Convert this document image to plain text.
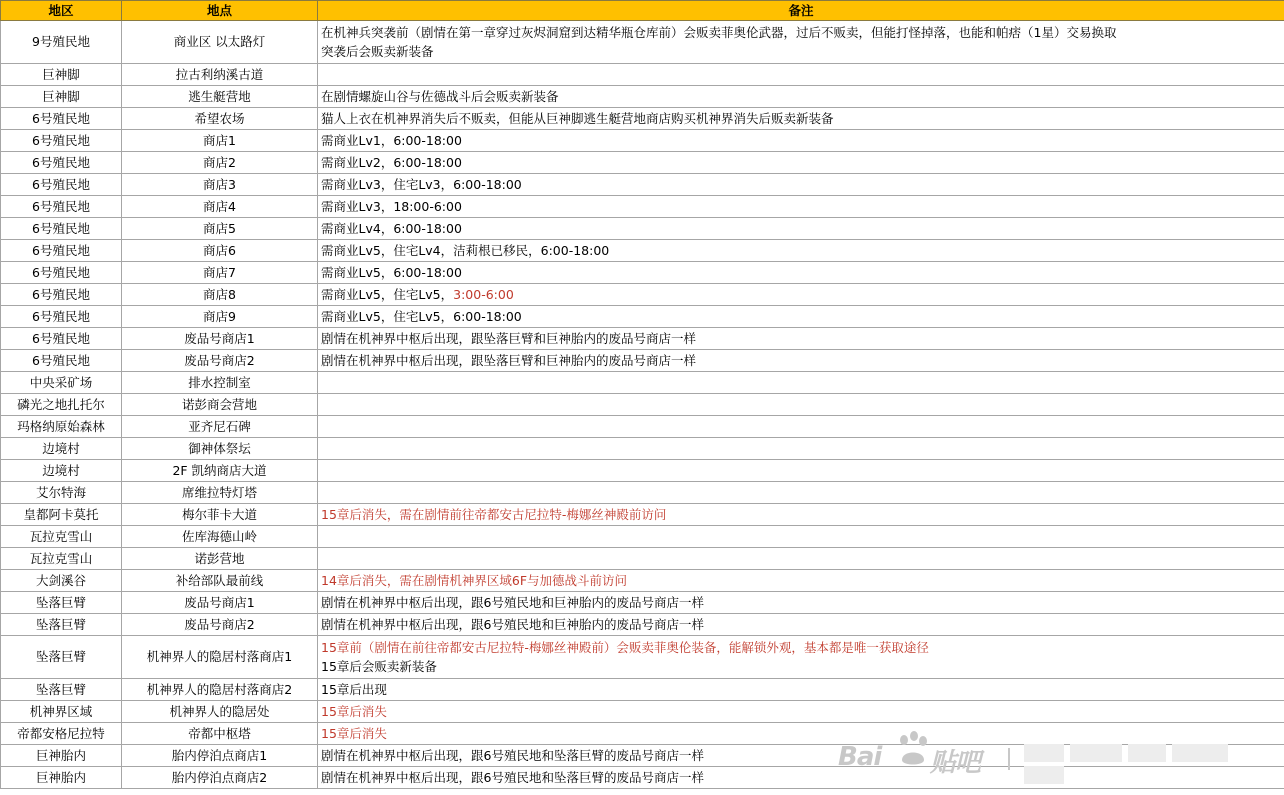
地区	地点	备注
9号殖民地	商业区 以太路灯	在机神兵突袭前（剧情在第一章穿过灰烬洞窟到达精华瓶仓库前）会贩卖菲奥伦武器，过后不贩卖，但能打怪掉落，也能和帕痞（1星）交易换取
突袭后会贩卖新装备

巨神脚	拉古利纳溪古道	
巨神脚	逃生艇营地	在剧情螺旋山谷与佐德战斗后会贩卖新装备
6号殖民地	希望农场	猫人上衣在机神界消失后不贩卖，但能从巨神脚逃生艇营地商店购买机神界消失后贩卖新装备
6号殖民地	商店1	需商业Lv1，6:00-18:00
6号殖民地	商店2	需商业Lv2，6:00-18:00
6号殖民地	商店3	需商业Lv3，住宅Lv3，6:00-18:00
6号殖民地	商店4	需商业Lv3，18:00-6:00
6号殖民地	商店5	需商业Lv4，6:00-18:00
6号殖民地	商店6	需商业Lv5，住宅Lv4，洁莉根已移民，6:00-18:00
6号殖民地	商店7	需商业Lv5，6:00-18:00
6号殖民地	商店8	需商业Lv5，住宅Lv5，3:00-6:00
6号殖民地	商店9	需商业Lv5，住宅Lv5，6:00-18:00
6号殖民地	废品号商店1	剧情在机神界中枢后出现，跟坠落巨臂和巨神胎内的废品号商店一样
6号殖民地	废品号商店2	剧情在机神界中枢后出现，跟坠落巨臂和巨神胎内的废品号商店一样
中央采矿场	排水控制室	
磷光之地扎托尔	诺彭商会营地	
玛格纳原始森林	亚齐尼石碑	
边境村	御神体祭坛	
边境村	2F 凯纳商店大道	
艾尔特海	席维拉特灯塔	
皇都阿卡莫托	梅尔菲卡大道	15章后消失，需在剧情前往帝都安古尼拉特-梅娜丝神殿前访问
瓦拉克雪山	佐库海德山岭	
瓦拉克雪山	诺彭营地	
大剑溪谷	补给部队最前线	14章后消失，需在剧情机神界区域6F与加德战斗前访问
坠落巨臂	废品号商店1	剧情在机神界中枢后出现，跟6号殖民地和巨神胎内的废品号商店一样
坠落巨臂	废品号商店2	剧情在机神界中枢后出现，跟6号殖民地和巨神胎内的废品号商店一样
坠落巨臂	机神界人的隐居村落商店1	15章前（剧情在前往帝都安古尼拉特-梅娜丝神殿前）会贩卖菲奥伦装备，能解锁外观，基本都是唯一获取途径
15章后会贩卖新装备

坠落巨臂	机神界人的隐居村落商店2	15章后出现
机神界区域	机神界人的隐居处	15章后消失
帝都安格尼拉特	帝都中枢塔	15章后消失
巨神胎内	胎内停泊点商店1	剧情在机神界中枢后出现，跟6号殖民地和坠落巨臂的废品号商店一样
巨神胎内	胎内停泊点商店2	剧情在机神界中枢后出现，跟6号殖民地和坠落巨臂的废品号商店一样
Bai 贴吧
